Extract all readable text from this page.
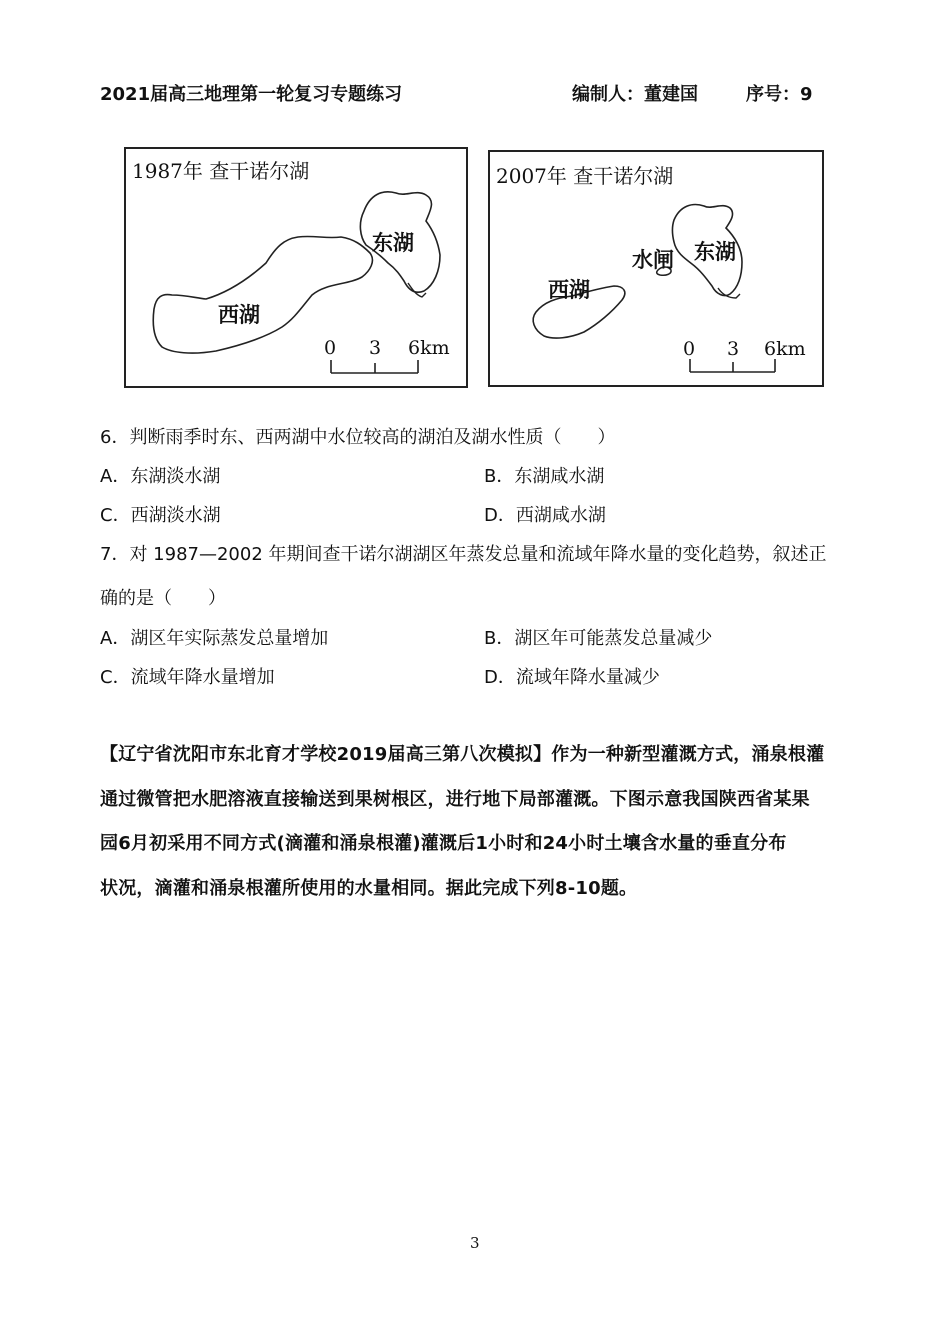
2021届高三地理第一轮复习专题练习	编制人：董建国	序号：9
1987年 查干诺尔湖
东湖
西湖
0 3 6km
2007年 查干诺尔湖
东湖
水闸
西湖
0 3 6km
6．判断雨季时东、西两湖中水位较高的湖泊及湖水性质（　　）
A．东湖淡水湖	B．东湖咸水湖
C．西湖淡水湖	D．西湖咸水湖
7．对 1987—2002 年期间查干诺尔湖湖区年蒸发总量和流域年降水量的变化趋势，叙述正
确的是（　　）
A．湖区年实际蒸发总量增加	B．湖区年可能蒸发总量减少
C．流域年降水量增加	D．流域年降水量减少
【辽宁省沈阳市东北育才学校2019届高三第八次模拟】作为一种新型灌溉方式，涌泉根灌
通过微管把水肥溶液直接输送到果树根区，进行地下局部灌溉。下图示意我国陕西省某果
园6月初采用不同方式(滴灌和涌泉根灌)灌溉后1小时和24小时土壤含水量的垂直分布
状况，滴灌和涌泉根灌所使用的水量相同。据此完成下列8-10题。
3
